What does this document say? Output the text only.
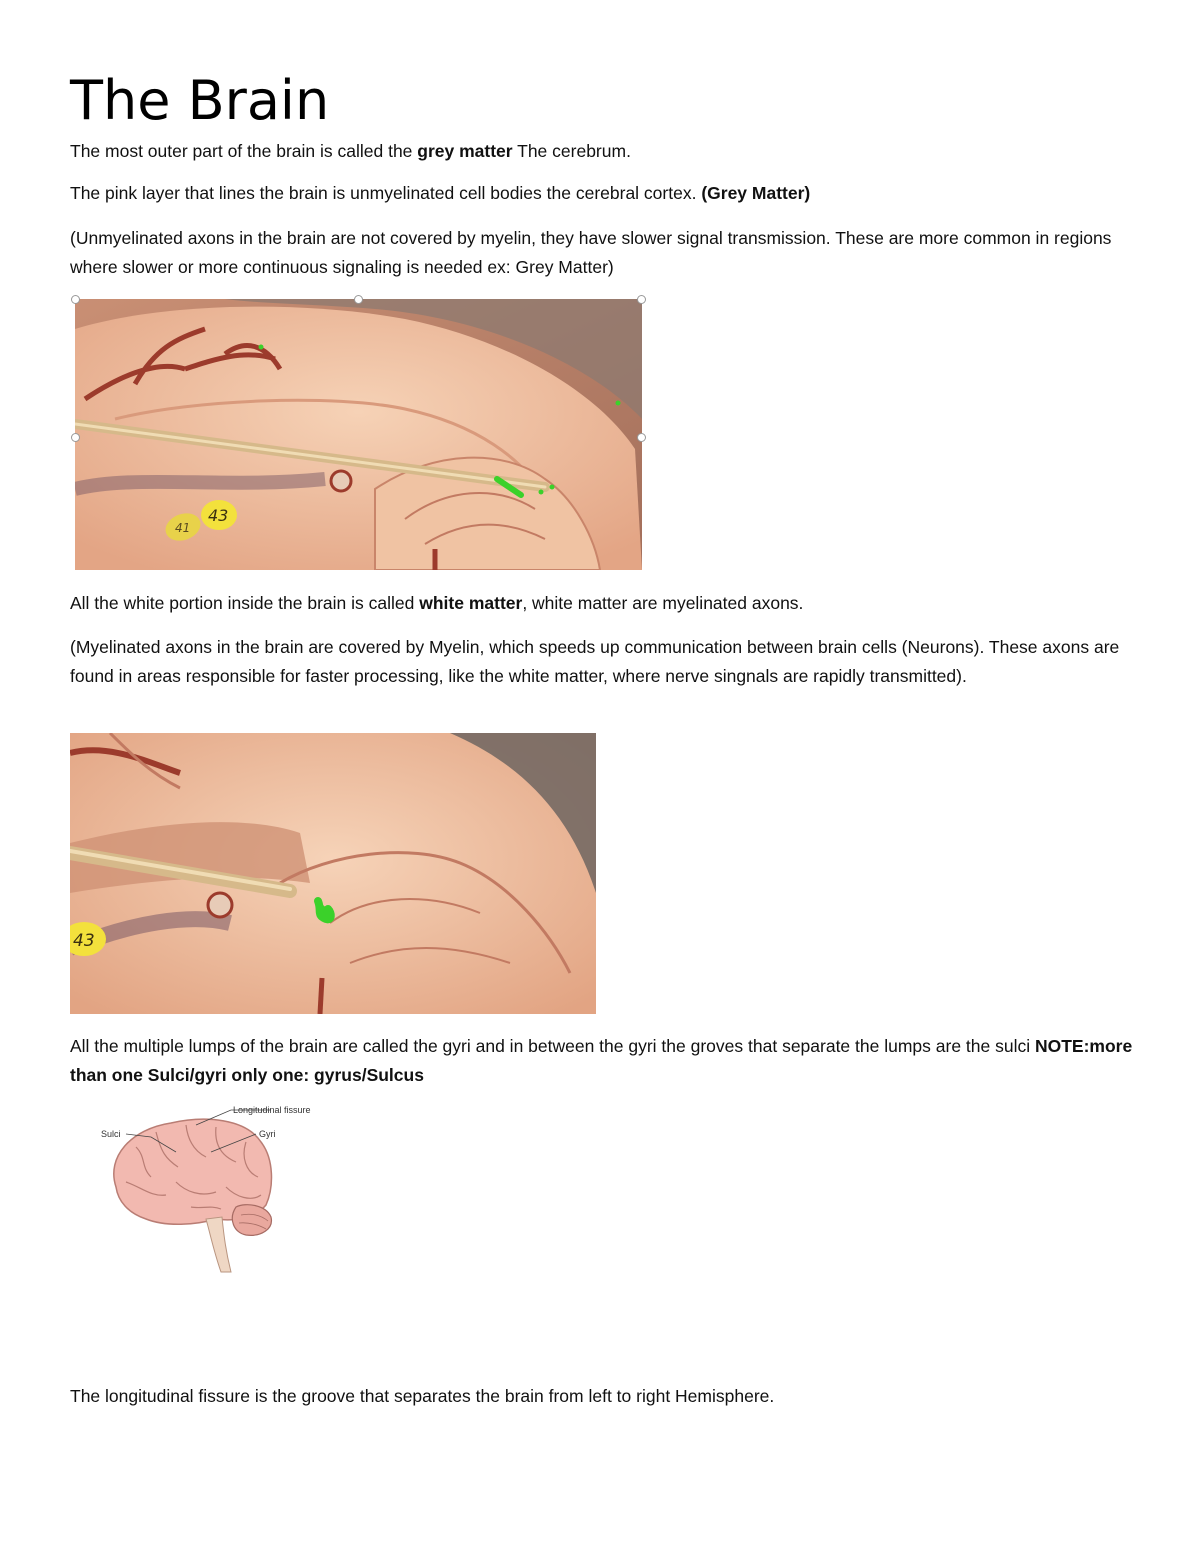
The Brain

The most outer part of the brain is called the grey matter The cerebrum.

The pink layer that lines the brain is unmyelinated cell bodies the cerebral cortex. (Grey Matter)

(Unmyelinated axons in the brain are not covered by myelin, they have slower signal transmission. These are more common in regions where slower or more continuous signaling is needed ex: Grey Matter)

41
43

All the white portion inside the brain is called white matter, white matter are myelinated axons.

(Myelinated axons in the brain are covered by Myelin, which speeds up communication between brain cells (Neurons). These axons are found in areas responsible for faster processing, like the white matter, where nerve singnals are rapidly transmitted).

43

All the multiple lumps of the brain are called the gyri and in between the gyri the groves that separate the lumps are the sulci NOTE:more than one Sulci/gyri only one: gyrus/Sulcus

Longitudinal fissure
Sulci	Gyri

The longitudinal fissure is the groove that separates the brain from left to right Hemisphere.
